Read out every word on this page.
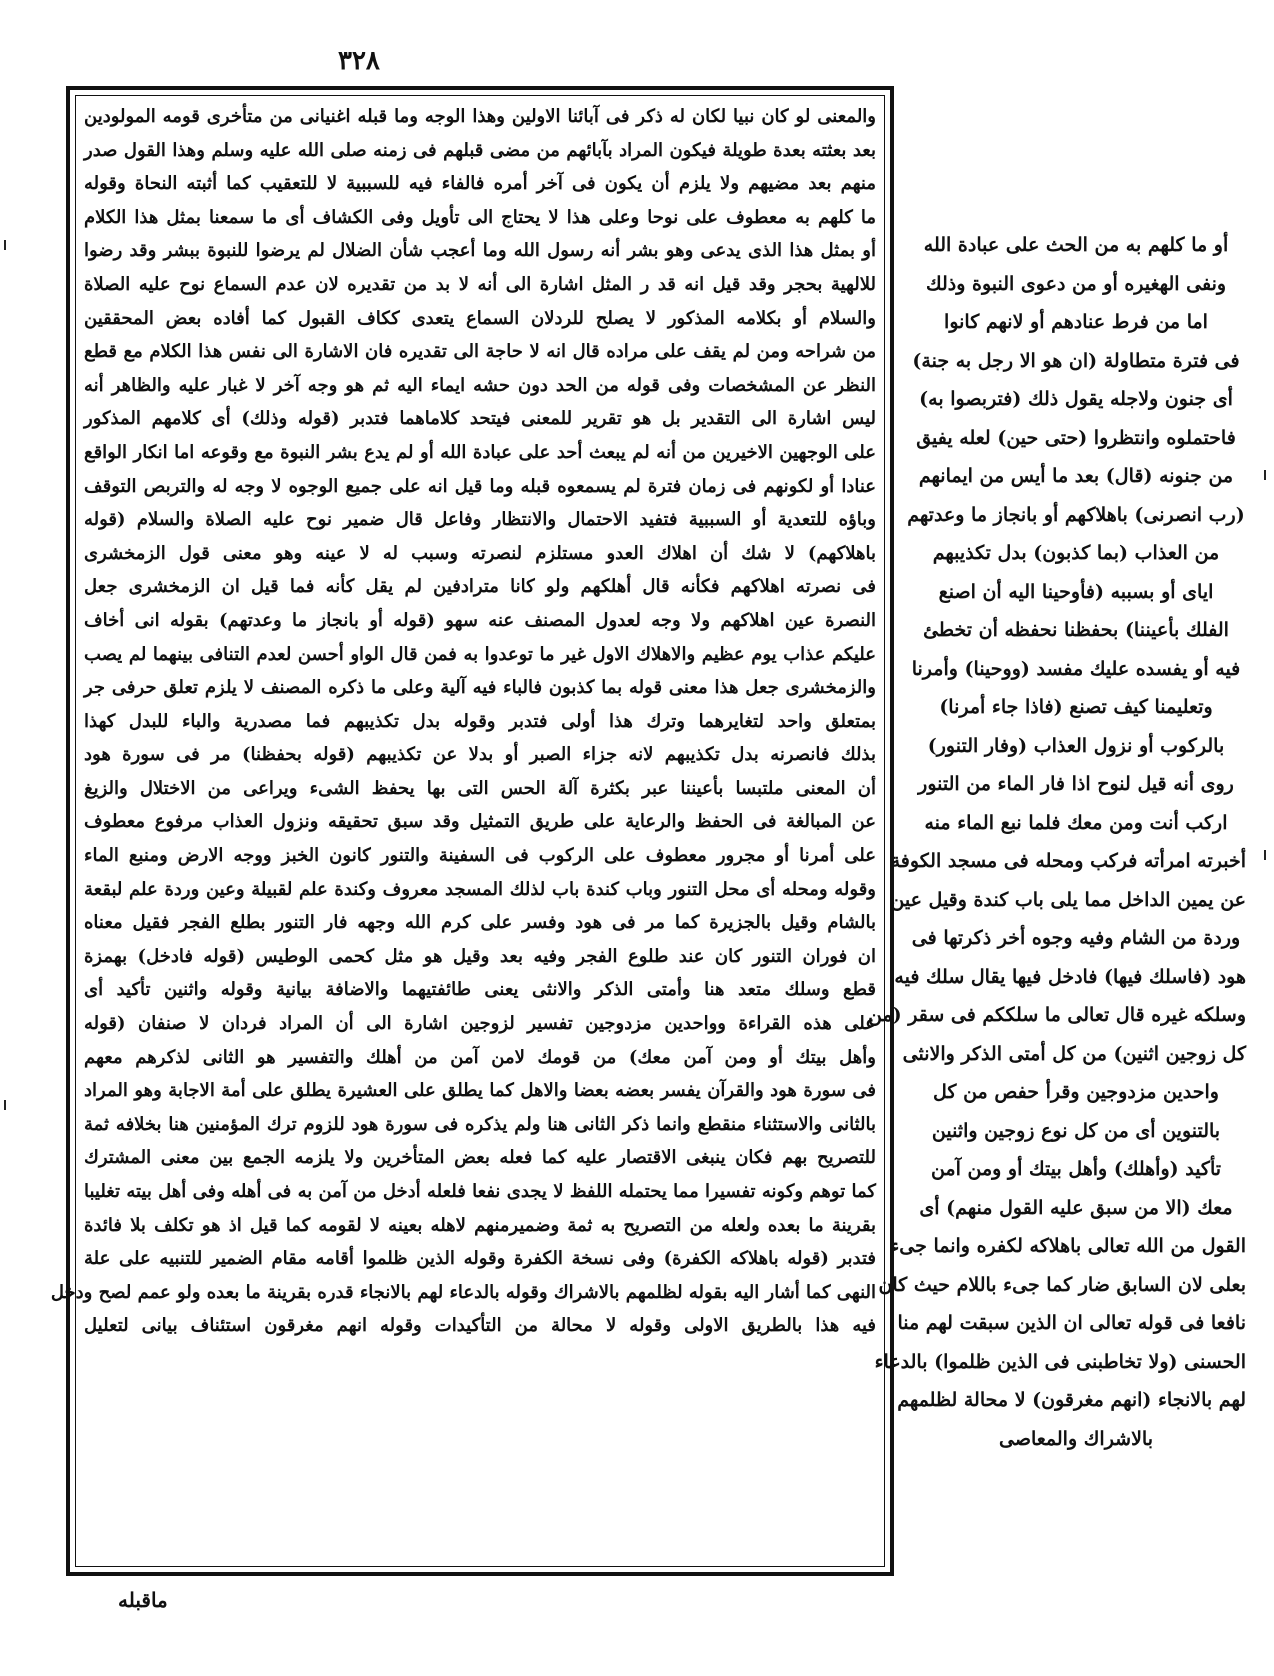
٣٢٨
والمعنى لو كان نبيا لكان له ذكر فى آبائنا الاولين وهذا الوجه وما قبله اغنيانى من متأخرى قومه المولودين
بعد بعثته بعدة طويلة فيكون المراد بآبائهم من مضى قبلهم فى زمنه صلى الله عليه وسلم وهذا القول صدر
منهم بعد مضيهم ولا يلزم أن يكون فى آخر أمره فالفاء فيه للسببية لا للتعقيب كما أثبته النحاة وقوله
ما كلهم به معطوف على نوحا وعلى هذا لا يحتاج الى تأويل وفى الكشاف أى ما سمعنا بمثل هذا الكلام
أو بمثل هذا الذى يدعى وهو بشر أنه رسول الله وما أعجب شأن الضلال لم يرضوا للنبوة ببشر وقد رضوا
للالهية بحجر وقد قيل انه قد ر المثل اشارة الى أنه لا بد من تقديره لان عدم السماع نوح عليه الصلاة
والسلام أو بكلامه المذكور لا يصلح للردلان السماع يتعدى ككاف القبول كما أفاده بعض المحققين
من شراحه ومن لم يقف على مراده قال انه لا حاجة الى تقديره فان الاشارة الى نفس هذا الكلام مع قطع
النظر عن المشخصات وفى قوله من الحد دون حشه ايماء اليه ثم هو وجه آخر لا غبار عليه والظاهر أنه
ليس اشارة الى التقدير بل هو تقرير للمعنى فيتحد كلاماهما فتدبر (قوله وذلك) أى كلامهم المذكور
على الوجهين الاخيرين من أنه لم يبعث أحد على عبادة الله أو لم يدع بشر النبوة مع وقوعه اما انكار الواقع
عنادا أو لكونهم فى زمان فترة لم يسمعوه قبله وما قيل انه على جميع الوجوه لا وجه له والتربص التوقف
وباؤه للتعدية أو السببية فتفيد الاحتمال والانتظار وفاعل قال ضمير نوح عليه الصلاة والسلام (قوله
باهلاكهم) لا شك أن اهلاك العدو مستلزم لنصرته وسبب له لا عينه وهو معنى قول الزمخشرى
فى نصرته اهلاكهم فكأنه قال أهلكهم ولو كانا مترادفين لم يقل كأنه فما قيل ان الزمخشرى جعل
النصرة عين اهلاكهم ولا وجه لعدول المصنف عنه سهو (قوله أو بانجاز ما وعدتهم) بقوله انى أخاف
عليكم عذاب يوم عظيم والاهلاك الاول غير ما توعدوا به فمن قال الواو أحسن لعدم التنافى بينهما لم يصب
والزمخشرى جعل هذا معنى قوله بما كذبون فالباء فيه آلية وعلى ما ذكره المصنف لا يلزم تعلق حرفى جر
بمتعلق واحد لتغايرهما وترك هذا أولى فتدبر وقوله بدل تكذيبهم فما مصدرية والباء للبدل كهذا
بذلك فانصرنه بدل تكذيبهم لانه جزاء الصبر أو بدلا عن تكذيبهم (قوله بحفظنا) مر فى سورة هود
أن المعنى ملتبسا بأعيننا عبر بكثرة آلة الحس التى بها يحفظ الشىء ويراعى من الاختلال والزيغ
عن المبالغة فى الحفظ والرعاية على طريق التمثيل وقد سبق تحقيقه ونزول العذاب مرفوع معطوف
على أمرنا أو مجرور معطوف على الركوب فى السفينة والتنور كانون الخبز ووجه الارض ومنبع الماء
وقوله ومحله أى محل التنور وباب كندة باب لذلك المسجد معروف وكندة علم لقبيلة وعين وردة علم لبقعة
بالشام وقيل بالجزيرة كما مر فى هود وفسر على كرم الله وجهه فار التنور بطلع الفجر فقيل معناه
ان فوران التنور كان عند طلوع الفجر وفيه بعد وقيل هو مثل كحمى الوطيس (قوله فادخل) بهمزة
قطع وسلك متعد هنا وأمتى الذكر والانثى يعنى طائفتيهما والاضافة بيانية وقوله واثنين تأكيد أى
على هذه القراءة وواحدين مزدوجين تفسير لزوجين اشارة الى أن المراد فردان لا صنفان (قوله
وأهل بيتك أو ومن آمن معك) من قومك لامن آمن من أهلك والتفسير هو الثانى لذكرهم معهم
فى سورة هود والقرآن يفسر بعضه بعضا والاهل كما يطلق على العشيرة يطلق على أمة الاجابة وهو المراد
بالثانى والاستثناء منقطع وانما ذكر الثانى هنا ولم يذكره فى سورة هود للزوم ترك المؤمنين هنا بخلافه ثمة
للتصريح بهم فكان ينبغى الاقتصار عليه كما فعله بعض المتأخرين ولا يلزمه الجمع بين معنى المشترك
كما توهم وكونه تفسيرا مما يحتمله اللفظ لا يجدى نفعا فلعله أدخل من آمن به فى أهله وفى أهل بيته تغليبا
بقرينة ما بعده ولعله من التصريح به ثمة وضميرمنهم لاهله بعينه لا لقومه كما قيل اذ هو تكلف بلا فائدة
فتدبر (قوله باهلاكه الكفرة) وفى نسخة الكفرة وقوله الذين ظلموا أقامه مقام الضمير للتنبيه على علة
النهى كما أشار اليه بقوله لظلمهم بالاشراك وقوله بالدعاء لهم بالانجاء قدره بقرينة ما بعده ولو عمم لصح ودخل
فيه هذا بالطريق الاولى وقوله لا محالة من التأكيدات وقوله انهم مغرقون استئناف بيانى لتعليل
أو ما كلهم به من الحث على عبادة الله
ونفى الهغيره أو من دعوى النبوة وذلك
اما من فرط عنادهم أو لانهم كانوا
فى فترة متطاولة (ان هو الا رجل به جنة)
أى جنون ولاجله يقول ذلك (فتربصوا به)
فاحتملوه وانتظروا (حتى حين) لعله يفيق
من جنونه (قال) بعد ما أيس من ايمانهم
(رب انصرنى) باهلاكهم أو بانجاز ما وعدتهم
من العذاب (بما كذبون) بدل تكذيبهم
اياى أو بسببه (فأوحينا اليه أن اصنع
الفلك بأعيننا) بحفظنا نحفظه أن تخطئ
فيه أو يفسده عليك مفسد (ووحينا) وأمرنا
وتعليمنا كيف تصنع (فاذا جاء أمرنا)
بالركوب أو نزول العذاب (وفار التنور)
روى أنه قيل لنوح اذا فار الماء من التنور
اركب أنت ومن معك فلما نبع الماء منه
أخبرته امرأته فركب ومحله فى مسجد الكوفة
عن يمين الداخل مما يلى باب كندة وقيل عين
وردة من الشام وفيه وجوه أخر ذكرتها فى
هود (فاسلك فيها) فادخل فيها يقال سلك فيه
وسلكه غيره قال تعالى ما سلككم فى سقر (من
كل زوجين اثنين) من كل أمتى الذكر والانثى
واحدين مزدوجين وقرأ حفص من كل
بالتنوين أى من كل نوع زوجين واثنين
تأكيد (وأهلك) وأهل بيتك أو ومن آمن
معك (الا من سبق عليه القول منهم) أى
القول من الله تعالى باهلاكه لكفره وانما جىء
بعلى لان السابق ضار كما جىء باللام حيث كان
نافعا فى قوله تعالى ان الذين سبقت لهم منا
الحسنى (ولا تخاطبنى فى الذين ظلموا) بالدعاء
لهم بالانجاء (انهم مغرقون) لا محالة لظلمهم
بالاشراك والمعاصى
ماقبله
